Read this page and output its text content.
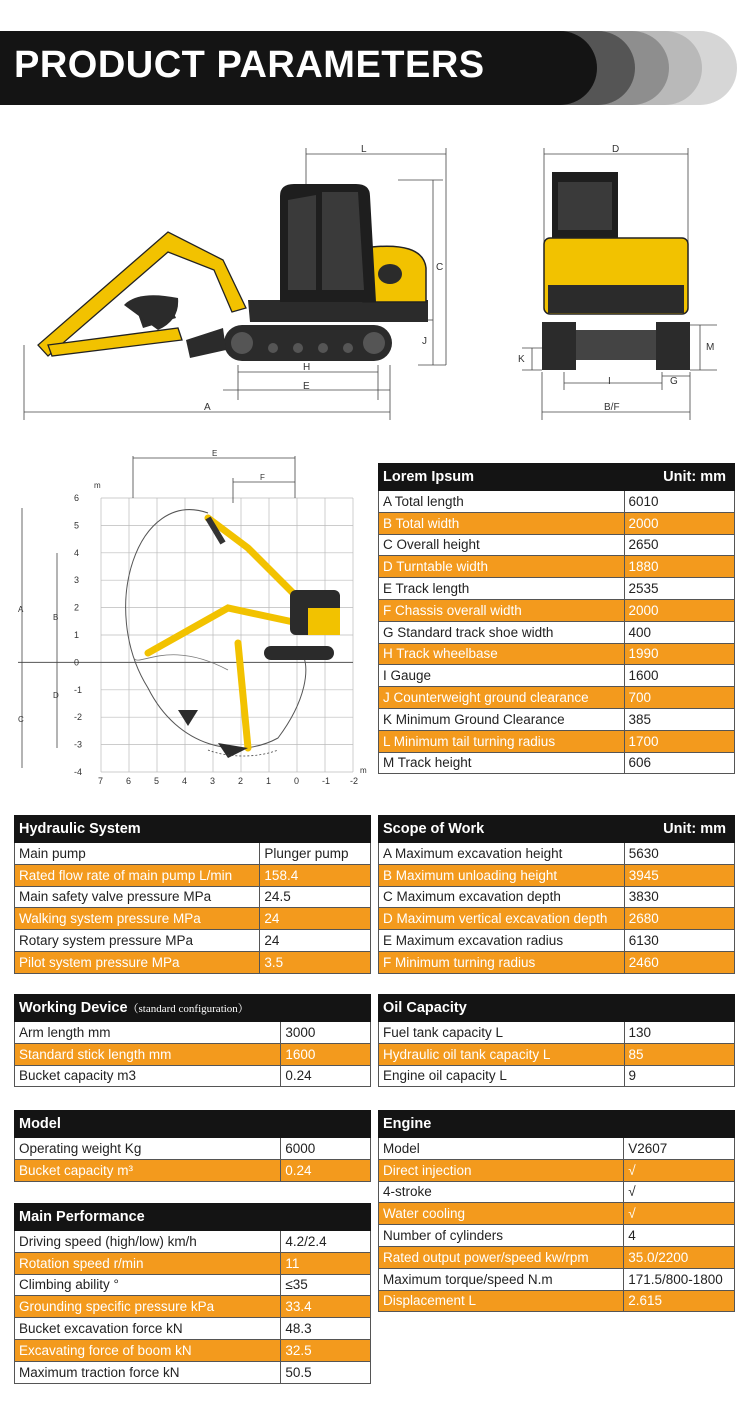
PRODUCT PARAMETERS
L
C
J
H
E
A
D
M
K
I	G
B/F
7	6	5	4	3	2	1	0	-1 -2
6
5
4
3
2
1
0
-1
-2
-3
-4
E
F
A
B
C
D
m
m
Lorem Ipsum	Unit: mm
A Total length	6010
B Total width	2000
C Overall height	2650
D Turntable width	1880
E Track length	2535
F Chassis overall width	2000
G Standard track shoe width	400
H Track wheelbase	1990
I Gauge	1600
J Counterweight ground clearance	700
K Minimum Ground Clearance	385
L Minimum tail turning radius	1700
M Track height	606
Hydraulic System	
Main pump	Plunger pump
Rated flow rate of main pump L/min	158.4
Main safety valve pressure MPa	24.5
Walking system pressure MPa	24
Rotary system pressure MPa	24
Pilot system pressure MPa	3.5
Scope of Work	Unit: mm
A Maximum excavation height	5630
B Maximum unloading height	3945
C Maximum excavation depth	3830
D Maximum vertical excavation depth	2680
E Maximum excavation radius	6130
F Minimum turning radius	2460
Working Device（standard configuration）	
Arm length mm	3000
Standard stick length mm	1600
Bucket capacity m3	0.24
Oil Capacity	
Fuel tank capacity L	130
Hydraulic oil tank capacity L	85
Engine oil capacity L	9
Model	
Operating weight Kg	6000
Bucket capacity m³	0.24
Engine	
Model	V2607
Direct injection	√
4-stroke	√
Water cooling	√
Number of cylinders	4
Rated output power/speed kw/rpm	35.0/2200
Maximum torque/speed N.m	171.5/800-1800
Displacement L	2.615
Main Performance	
Driving speed (high/low) km/h	4.2/2.4
Rotation speed r/min	11
Climbing ability °	≤35
Grounding specific pressure kPa	33.4
Bucket excavation force kN	48.3
Excavating force of boom kN	32.5
Maximum traction force kN	50.5
